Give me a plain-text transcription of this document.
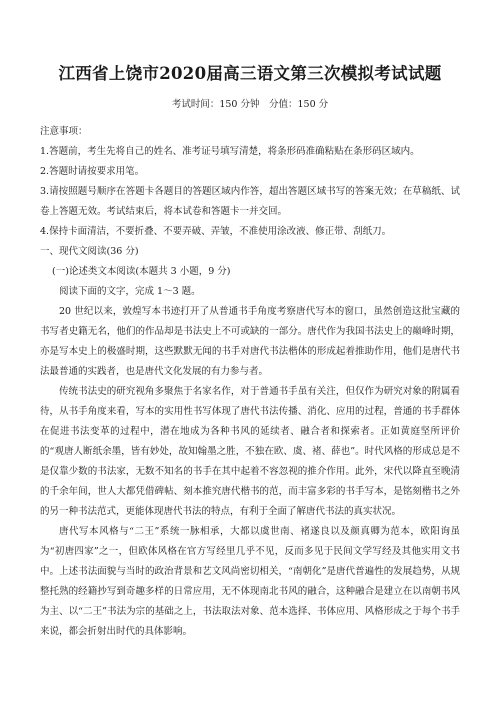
江西省上饶市2020届高三语文第三次模拟考试试题
考试时间：150 分钟　分值：150 分

注意事项：

1.答题前，考生先将自己的姓名、准考证号填写清楚，将条形码准确粘贴在条形码区域内。

2.答题时请按要求用笔。

3.请按照题号顺序在答题卡各题目的答题区域内作答，超出答题区域书写的答案无效；在草稿纸、试卷上答题无效。考试结束后，将本试卷和答题卡一并交回。

4.保持卡面清洁，不要折叠、不要弄破、弄皱，不准使用涂改液、修正带、刮纸刀。

一、现代文阅读(36 分)

(一)论述类文本阅读(本题共 3 小题，9 分)

阅读下面的文字，完成 1～3 题。

20 世纪以来，敦煌写本书迹打开了从普通书手角度考察唐代写本的窗口，虽然创造这批宝藏的书写者史籍无名，他们的作品却是书法史上不可或缺的一部分。唐代作为我国书法史上的巅峰时期，亦是写本史上的极盛时期，这些默默无闻的书手对唐代书法楷体的形成起着推助作用，他们是唐代书法最普通的实践者，也是唐代文化发展的有力参与者。

传统书法史的研究视角多聚焦于名家名作，对于普通书手虽有关注，但仅作为研究对象的附属看待，从书手角度来看，写本的实用性书写体现了唐代书法传播、消化、应用的过程，普通的书手群体在促进书法变革的过程中，潜在地成为各种书风的延续者、融合者和探索者。正如黄庭坚所评价的“观唐人断纸余墨，皆有妙处，故知翰墨之胜，不独在欧、虞、褚、薛也”。时代风格的形成总是不是仅靠少数的书法家，无数不知名的书手在其中起着不容忽视的推介作用。此外，宋代以降直至晚清的千余年间，世人大都凭借碑帖、刻本推究唐代楷书的范，而丰富多彩的书手写本，是铭刻楷书之外的另一种书法范式，更能体现唐代书法的特点，有利于全面了解唐代书法的真实状况。

唐代写本风格与“二王”系统一脉相承，大都以虞世南、褚遂良以及颜真卿为范本，欧阳询虽为“初唐四家”之一，但欧体风格在官方写经里几乎不见，反而多见于民间文学写经及其他实用文书中。上述书法面貌与当时的政治背景和艺文风尚密切相关，“南朝化”是唐代普遍性的发展趋势，从规整托熟的经籍抄写到奇趣多样的日常应用，无不体现南北书风的融合，这种融合是建立在以南朝书风为主、以“二王”书法为宗的基础之上，书法取法对象、范本选择、书体应用、风格形成之于每个书手来说，都会折射出时代的具体影响。
